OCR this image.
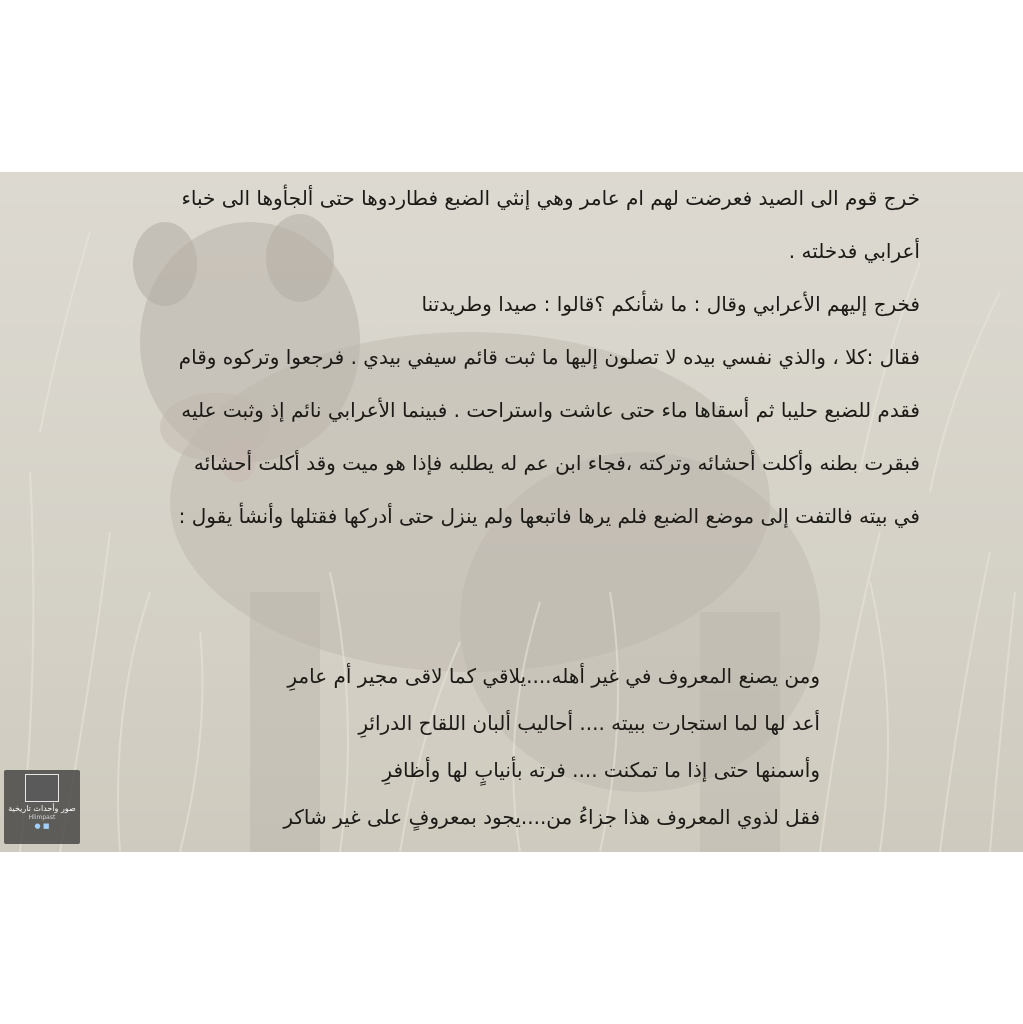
خرج قوم الى الصيد فعرضت لهم ام عامر وهي إنثي الضبع فطاردوها حتى ألجأوها الى خباء
أعرابي فدخلته .
فخرج إليهم الأعرابي وقال : ما شأنكم ؟قالوا : صيدا وطريدتنا
فقال :كلا ، والذي نفسي بيده لا تصلون إليها ما ثبت قائم سيفي بيدي . فرجعوا وتركوه وقام
فقدم للضبع حليبا ثم أسقاها ماء حتى عاشت واستراحت . فبينما الأعرابي نائم إذ وثبت عليه
فبقرت بطنه وأكلت أحشائه وتركته ،فجاء ابن عم له يطلبه فإذا هو ميت وقد أكلت أحشائه
في بيته فالتفت إلى موضع الضبع فلم يرها فاتبعها ولم ينزل حتى أدركها فقتلها وأنشأ يقول :
ومن يصنع المعروف في غير أهله....يلاقي كما لاقى مجير أم عامرِ
أعد لها لما استجارت ببيته .... أحاليب ألبان اللقاح الدرائرِ
وأسمنها حتى إذا ما تمكنت .... فرته بأنيابٍ لها وأظافرِ
فقل لذوي المعروف هذا جزاءُ من....يجود بمعروفٍ على غير شاكر
صور وأحداث تاريخية
Hlimpast
● ■
